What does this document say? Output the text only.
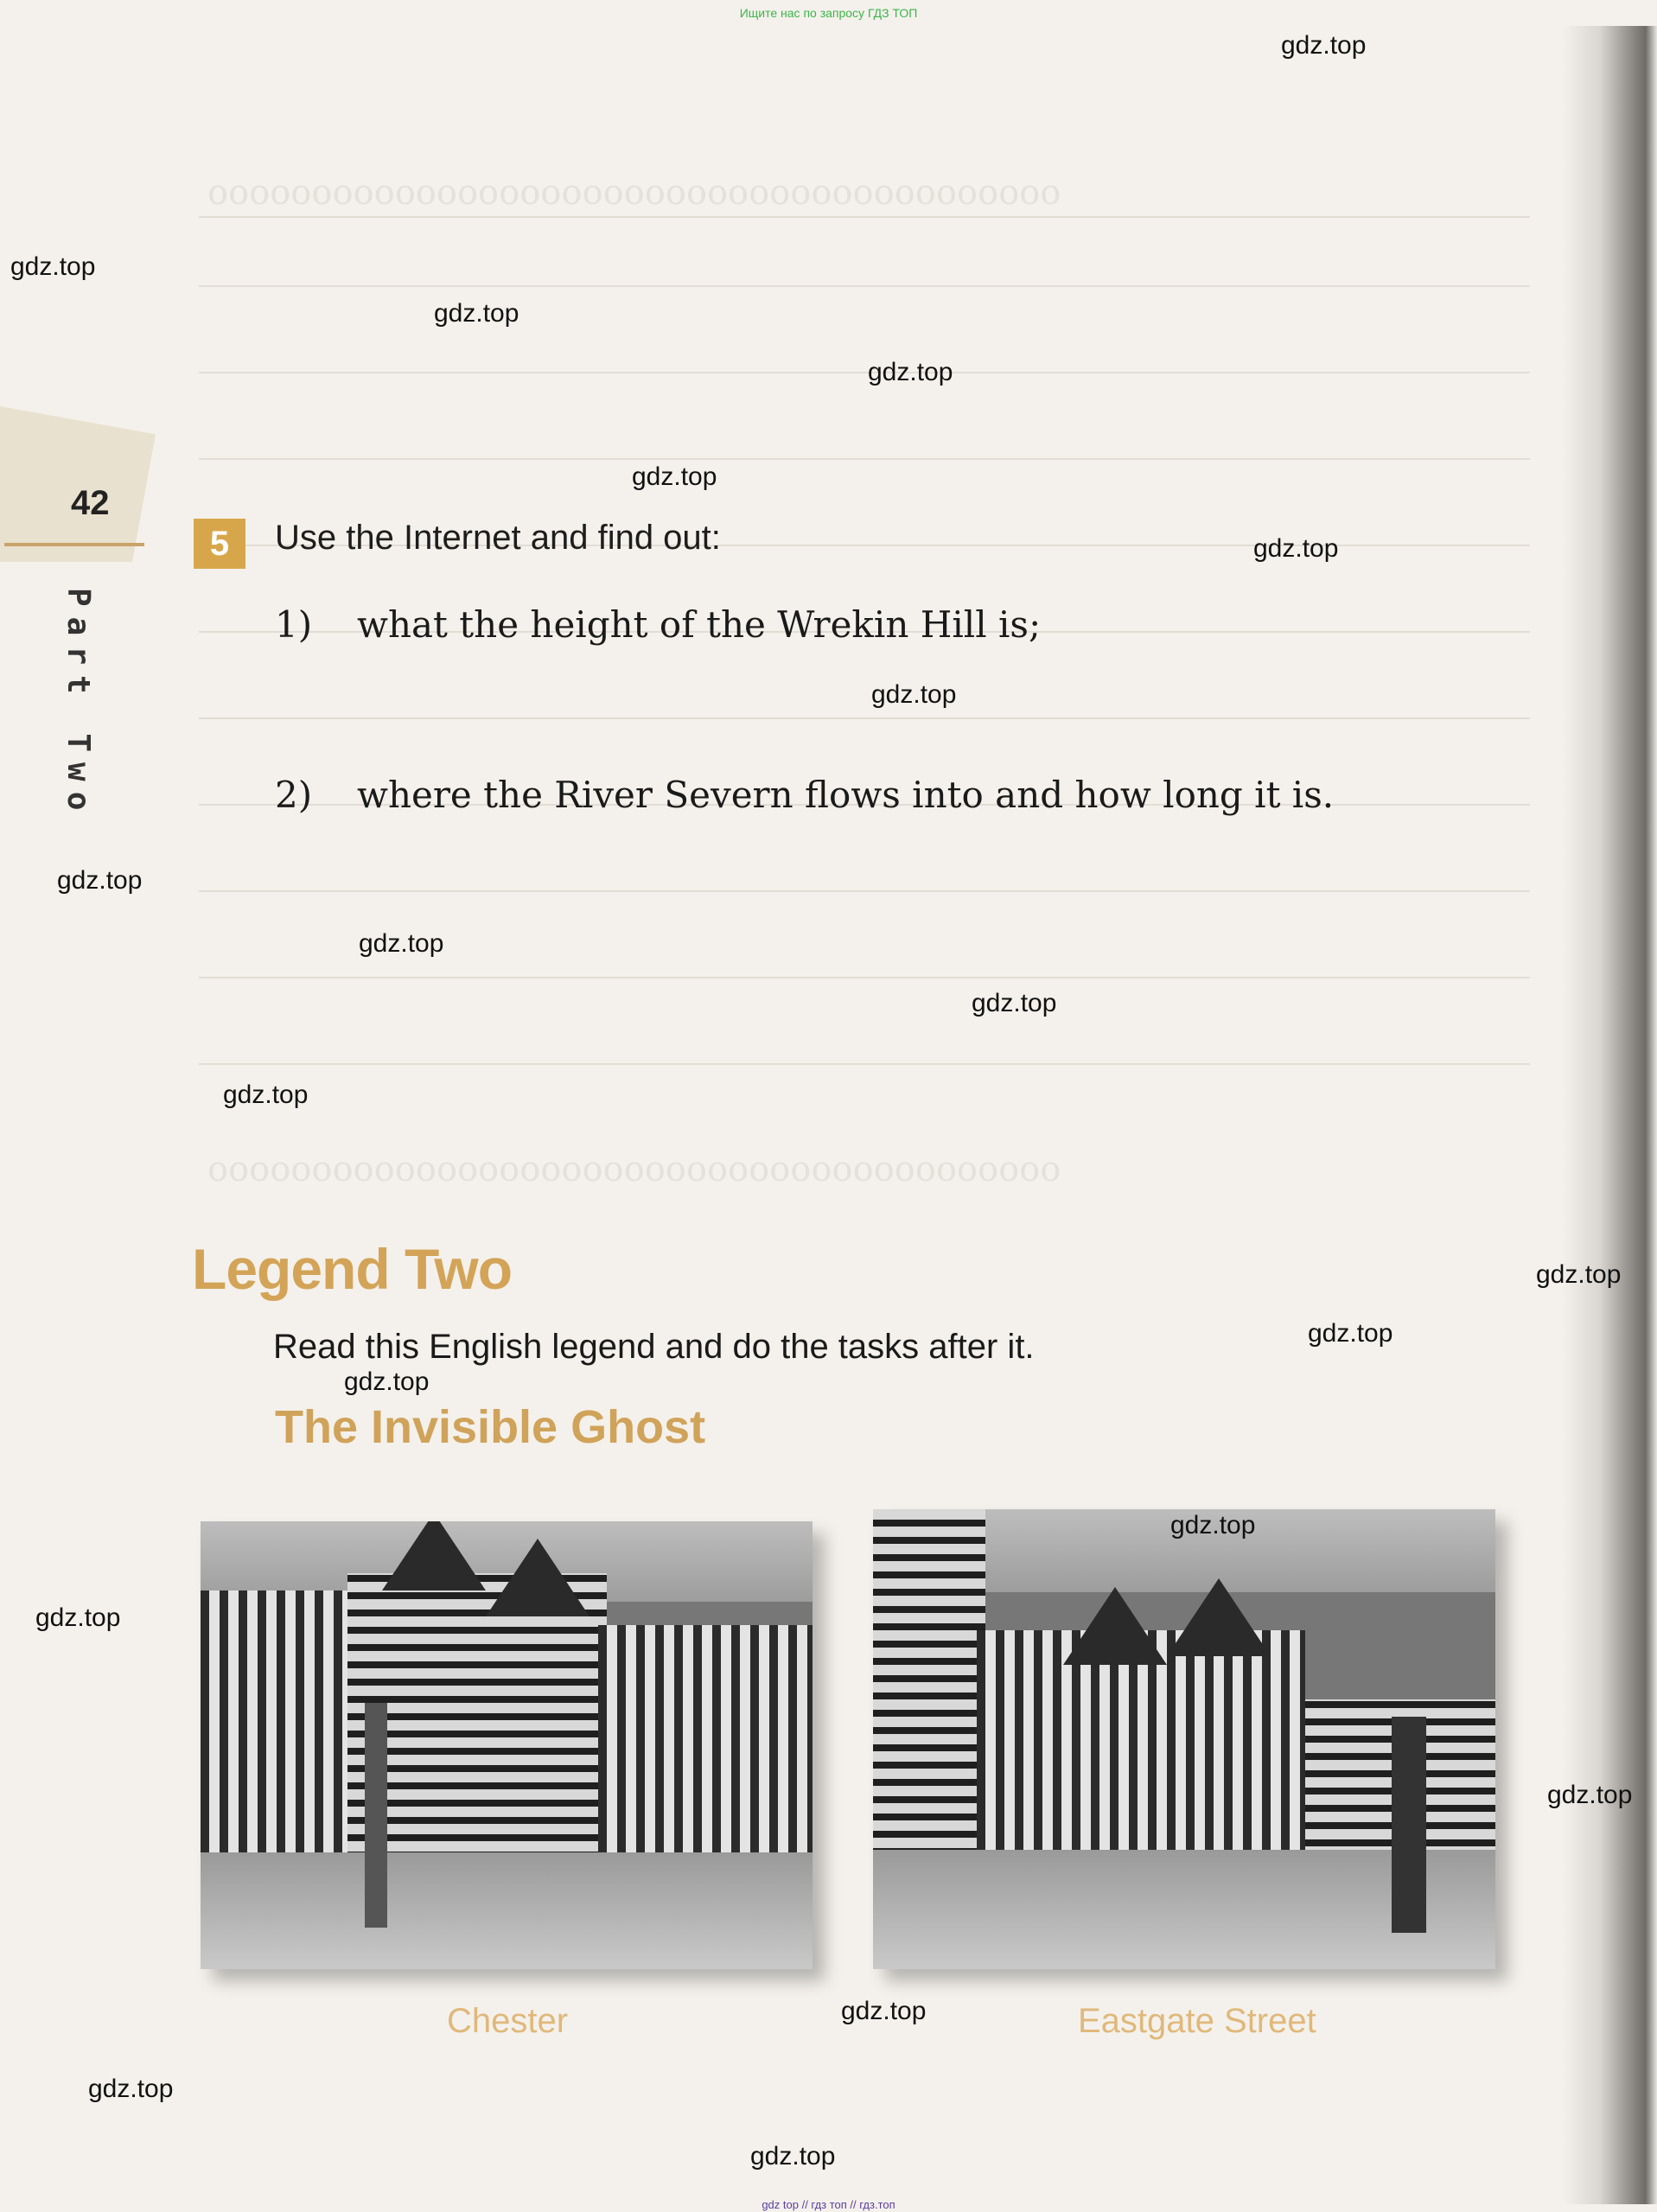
ooooooooooooooooooooooooooooooooooooooooo
ooooooooooooooooooooooooooooooooooooooooo
Ищите нас по запросу ГДЗ ТОП
42
Part Two
5	Use the Internet and find out:
1) what the height of the Wrekin Hill is;
2) where the River Severn flows into and how long it is.
Legend Two
Read this English legend and do the tasks after it.
The Invisible Ghost
Chester	Eastgate Street
gdz.top
gdz.top
gdz.top
gdz.top
gdz.top
gdz.top
gdz.top
gdz.top
gdz.top
gdz.top
gdz.top
gdz.top
gdz.top
gdz.top
gdz.top
gdz.top
gdz.top
gdz.top
gdz.top
gdz.top
gdz top // гдз топ // гдз.топ
